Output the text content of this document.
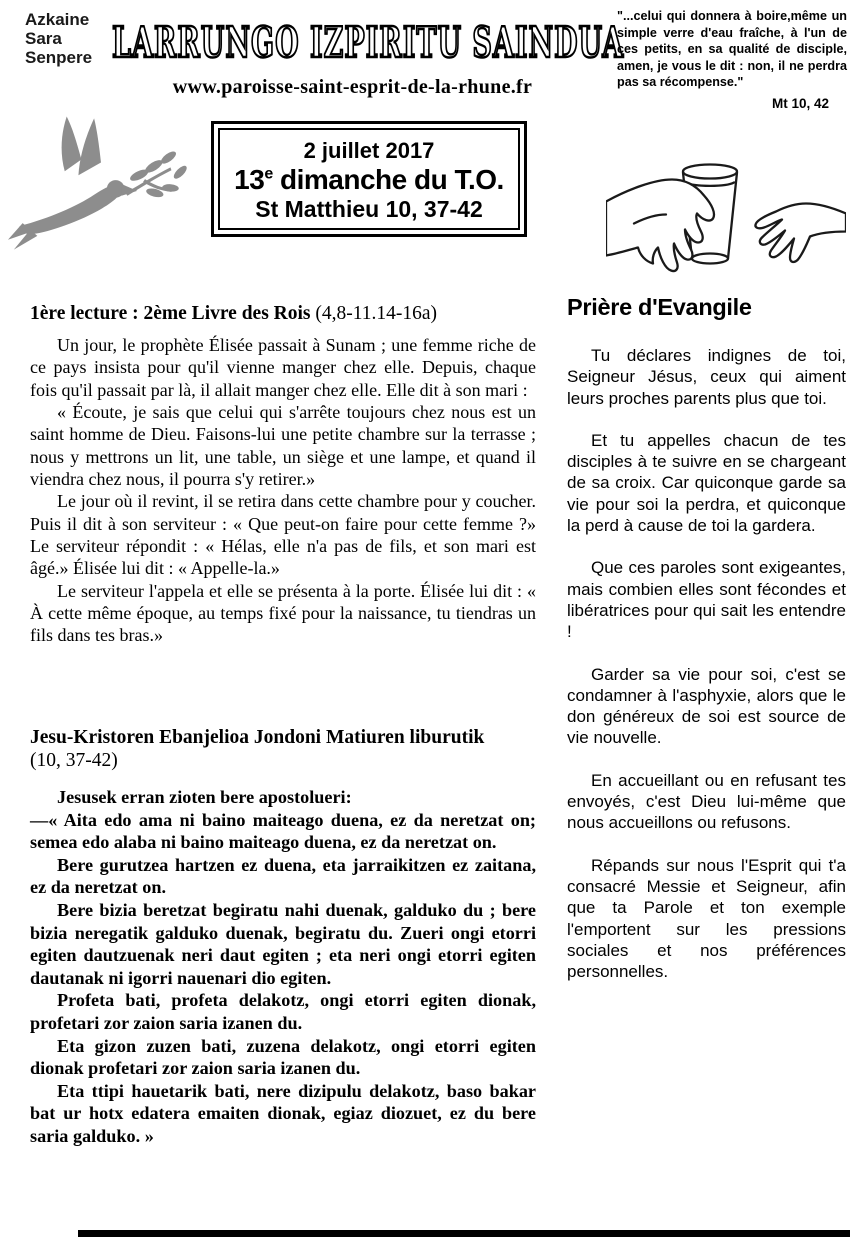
Azkaine
Sara
Senpere LARRUNGO IZPIRITU SAINDUA
www.paroisse-saint-esprit-de-la-rhune.fr
"...celui qui donnera à boire,même un simple verre d'eau fraîche, à l'un de ces petits, en sa qualité de disciple, amen, je vous le dit : non, il ne perdra pas sa récompense."
Mt 10, 42
2 juillet 2017
13e dimanche du T.O.
St Matthieu 10, 37-42
1ère lecture : 2ème Livre des Rois (4,8-11.14-16a)

Un jour, le prophète Élisée passait à Sunam ; une femme riche de ce pays insista pour qu'il vienne manger chez elle. Depuis, chaque fois qu'il passait par là, il allait manger chez elle. Elle dit à son mari :

« Écoute, je sais que celui qui s'arrête toujours chez nous est un saint homme de Dieu. Faisons-lui une petite chambre sur la terrasse ; nous y mettrons un lit, une table, un siège et une lampe, et quand il viendra chez nous, il pourra s'y retirer.»

Le jour où il revint, il se retira dans cette chambre pour y coucher. Puis il dit à son serviteur : « Que peut-on faire pour cette femme ?» Le serviteur répondit : « Hélas, elle n'a pas de fils, et son mari est âgé.» Élisée lui dit : « Appelle-la.»

Le serviteur l'appela et elle se présenta à la porte. Élisée lui dit : « À cette même époque, au temps fixé pour la naissance, tu tiendras un fils dans tes bras.»

Jesu-Kristoren Ebanjelioa Jondoni Matiuren liburutik
(10, 37-42)

Jesusek erran zioten bere apostolueri:

—« Aita edo ama ni baino maiteago duena, ez da neretzat on; semea edo alaba ni baino maiteago duena, ez da neretzat on.

Bere gurutzea hartzen ez duena, eta jarraikitzen ez zaitana, ez da neretzat on.

Bere bizia beretzat begiratu nahi duenak, galduko du ; bere bizia neregatik galduko duenak, begiratu du. Zueri ongi etorri egiten dautzuenak neri daut egiten ; eta neri ongi etorri egiten dautanak ni igorri nauenari dio egiten.

Profeta bati, profeta delakotz, ongi etorri egiten dionak, profetari zor zaion saria izanen du.

Eta gizon zuzen bati, zuzena delakotz, ongi etorri egiten dionak profetari zor zaion saria izanen du.

Eta ttipi hauetarik bati, nere dizipulu delakotz, baso bakar bat ur hotx edatera emaiten dionak, egiaz diozuet, ez du bere saria galduko. »

Prière d'Evangile

Tu déclares indignes de toi, Seigneur Jésus, ceux qui aiment leurs proches parents plus que toi.

Et tu appelles chacun de tes disciples à te suivre en se chargeant de sa croix. Car quiconque garde sa vie pour soi la perdra, et quiconque la perd à cause de toi la gardera.

Que ces paroles sont exigeantes, mais combien elles sont fécondes et libératrices pour qui sait les entendre !

Garder sa vie pour soi, c'est se condamner à l'asphyxie, alors que le don généreux de soi est source de vie nouvelle.

En accueillant ou en refusant tes envoyés, c'est Dieu lui-même que nous accueillons ou refusons.

Répands sur nous l'Esprit qui t'a consacré Messie et Seigneur, afin que ta Parole et ton exemple l'emportent sur les pressions sociales et nos préférences personnelles.
